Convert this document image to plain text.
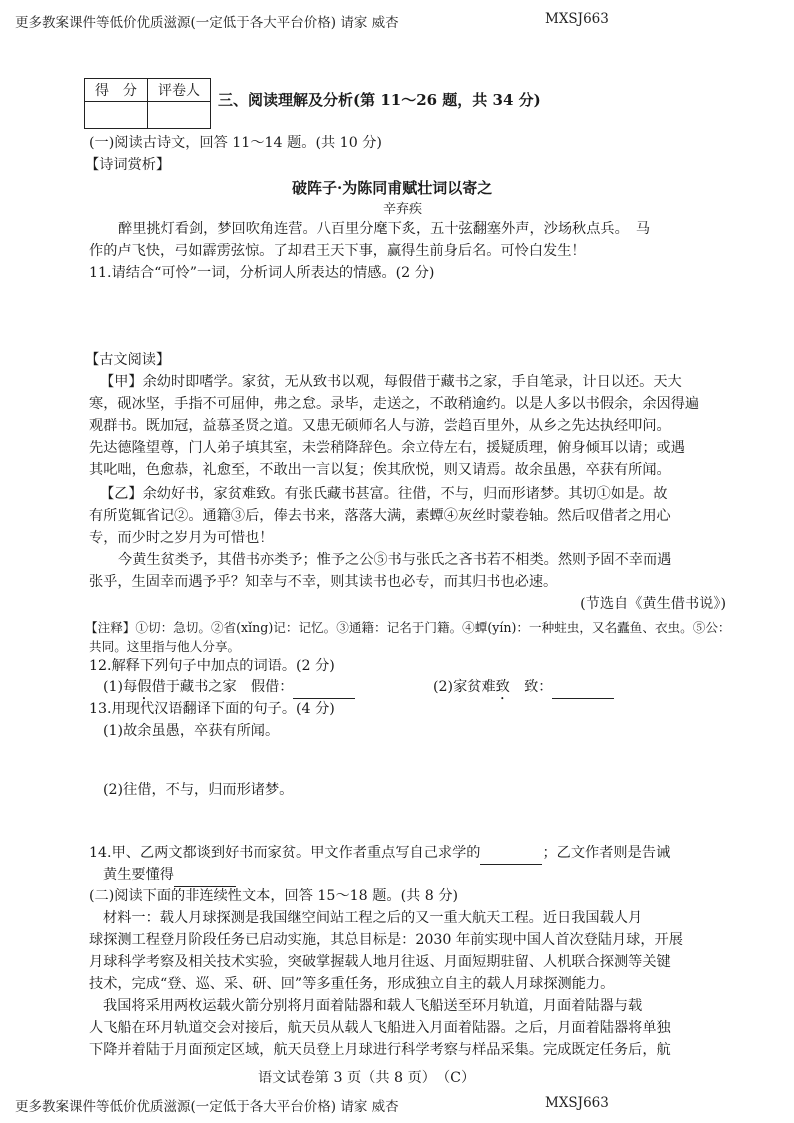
更多教案课件等低价优质滋源(一定低于各大平台价格) 请家 威杏	MXSJ663
得　分	评卷人
	三、阅读理解及分析(第 11～26 题，共 34 分)
(一)阅读古诗文，回答 11～14 题。(共 10 分)
【诗词赏析】
破阵子·为陈同甫赋壮词以寄之
辛弃疾
醉里挑灯看剑，梦回吹角连营。八百里分麾下炙，五十弦翻塞外声，沙场秋点兵。　马
作的卢飞快，弓如霹雳弦惊。了却君王天下事，赢得生前身后名。可怜白发生！
11.请结合“可怜”一词，分析词人所表达的情感。(2 分)
【古文阅读】
【甲】余幼时即嗜学。家贫，无从致书以观，每假借于藏书之家，手自笔录，计日以还。天大
寒，砚冰坚，手指不可屈伸，弗之怠。录毕，走送之，不敢稍逾约。以是人多以书假余，余因得遍
观群书。既加冠，益慕圣贤之道。又患无硕师名人与游，尝趋百里外，从乡之先达执经叩问。
先达德隆望尊，门人弟子填其室，未尝稍降辞色。余立侍左右，援疑质理，俯身倾耳以请；或遇
其叱咄，色愈恭，礼愈至，不敢出一言以复；俟其欣悦，则又请焉。故余虽愚，卒获有所闻。
【乙】余幼好书，家贫难致。有张氏藏书甚富。往借，不与，归而形诸梦。其切①如是。故
有所览辄省记②。通籍③后，俸去书来，落落大满，素蟫④灰丝时蒙卷轴。然后叹借者之用心
专，而少时之岁月为可惜也！
今黄生贫类予，其借书亦类予；惟予之公⑤书与张氏之吝书若不相类。然则予固不幸而遇
张乎，生固幸而遇予乎？知幸与不幸，则其读书也必专，而其归书也必速。
(节选自《黄生借书说》)
【注释】①切：急切。②省(xǐng)记：记忆。③通籍：记名于门籍。④蟫(yín)：一种蛀虫，又名蠹鱼、衣虫。⑤公：
共同。这里指与他人分享。
12.解释下列句子中加点的词语。(2 分)
(1)每假借于藏书之家　假借：	(2)家贫难致　致：
13.用现代汉语翻译下面的句子。(4 分)
(1)故余虽愚，卒获有所闻。
(2)往借，不与，归而形诸梦。
14.甲、乙两文都谈到好书而家贫。甲文作者重点写自己求学的	；乙文作者则是告诫
黄生要懂得
(二)阅读下面的非连续性文本，回答 15～18 题。(共 8 分)
材料一：载人月球探测是我国继空间站工程之后的又一重大航天工程。近日我国载人月
球探测工程登月阶段任务已启动实施，其总目标是：2030 年前实现中国人首次登陆月球，开展
月球科学考察及相关技术实验，突破掌握载人地月往返、月面短期驻留、人机联合探测等关键
技术，完成“登、巡、采、研、回”等多重任务，形成独立自主的载人月球探测能力。
我国将采用两枚运载火箭分别将月面着陆器和载人飞船送至环月轨道，月面着陆器与载
人飞船在环月轨道交会对接后，航天员从载人飞船进入月面着陆器。之后，月面着陆器将单独
下降并着陆于月面预定区域，航天员登上月球进行科学考察与样品采集。完成既定任务后，航
语文试卷第 3 页（共 8 页）　（C）
更多教案课件等低价优质滋源(一定低于各大平台价格) 请家 威杏	MXSJ663
